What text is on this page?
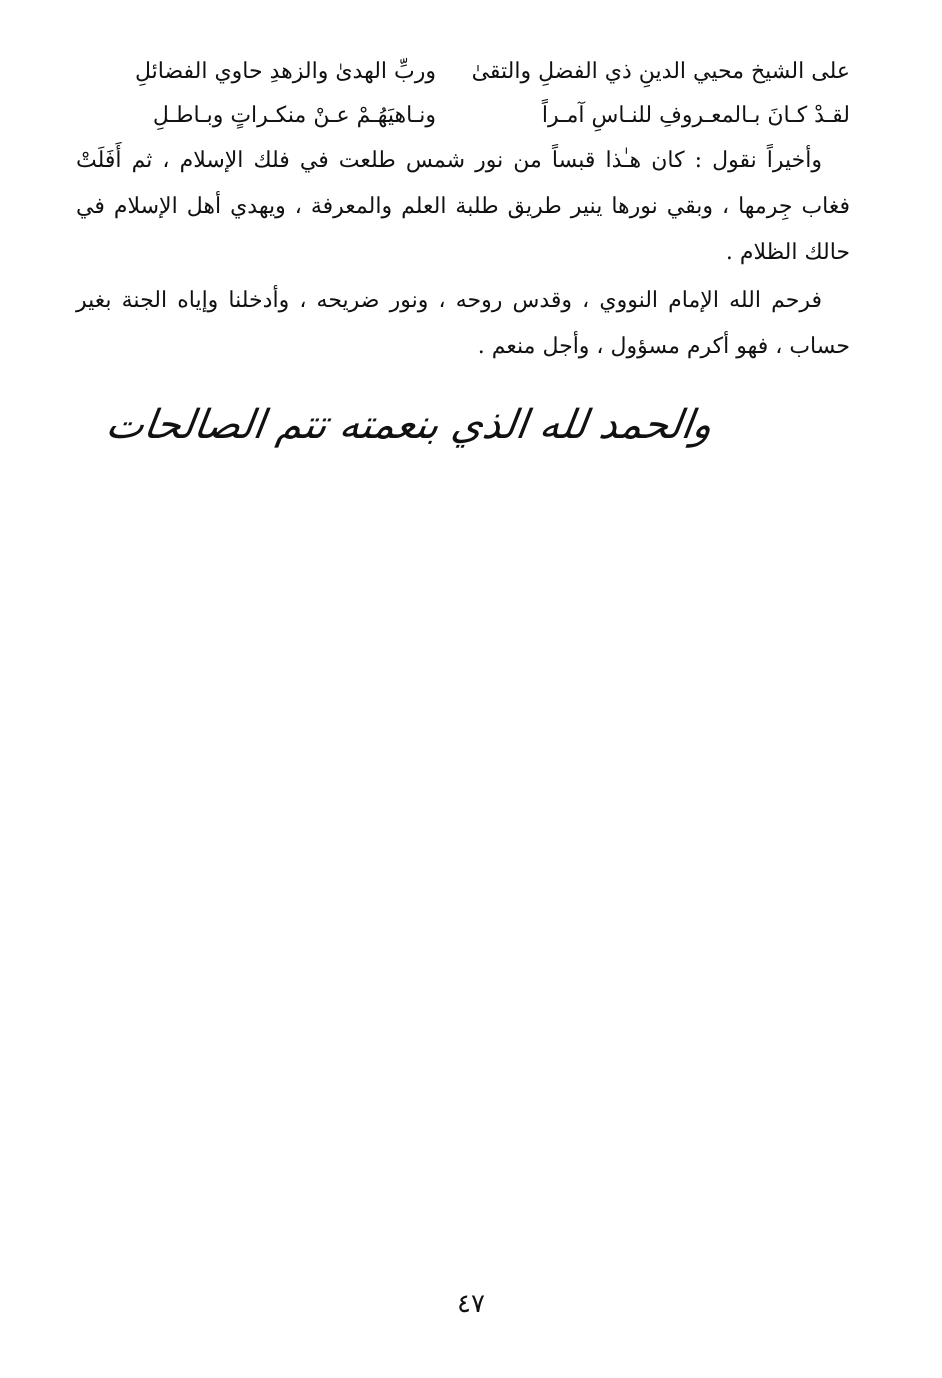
على الشيخ محيي الدينِ ذي الفضلِ والتقىٰ
وربِّ الهدىٰ والزهدِ حاوي الفضائلِ
لقـدْ كـانَ بـالمعـروفِ للنـاسِ آمـراً
ونـاهيَهُـمْ عـنْ منكـراتٍ وبـاطـلِ

وأخيراً نقول : كان هـٰذا قبساً من نور شمس طلعت في فلك الإسلام ، ثم أَفَلَتْ فغاب جِرمها ، وبقي نورها ينير طريق طلبة العلم والمعرفة ، ويهدي أهل الإسلام في حالك الظلام .

فرحم الله الإمام النووي ، وقدس روحه ، ونور ضريحه ، وأدخلنا وإياه الجنة بغير حساب ، فهو أكرم مسؤول ، وأجل منعم .

والحمد لله الذي بنعمته تتم الصالحات
٤٧
